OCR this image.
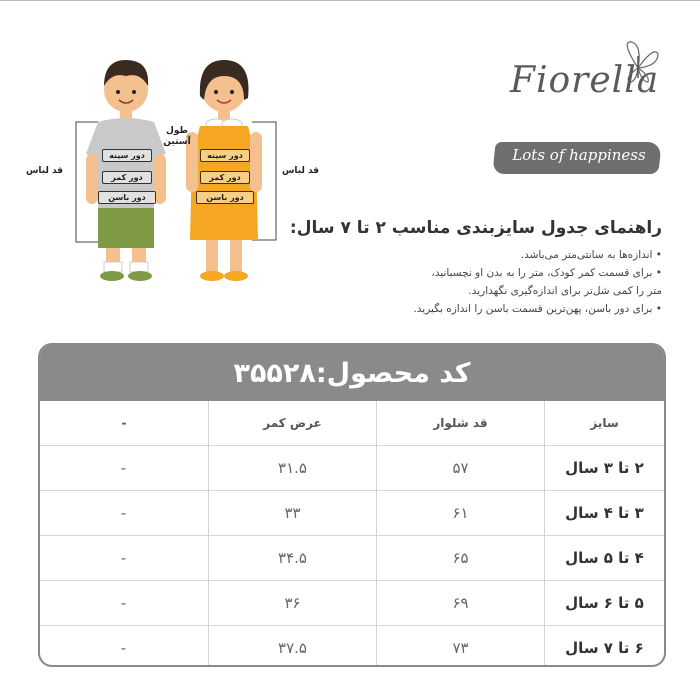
قد لباس
طول آستین
دور سینه
دور کمر
دور باسن
قد لباس
دور سینه
دور کمر
دور باسن
Fiorella
Lots of happiness
راهنمای جدول سایزبندی مناسب ۲ تا ۷ سال:
• اندازه‌ها به سانتی‌متر می‌باشد.
• برای قسمت کمر کودک، متر را به بدن او نچسبانید،
متر را کمی شل‌تر برای اندازه‌گیری نگهدارید.
• برای دور باسن، پهن‌ترین قسمت باسن را اندازه بگیرید.
کد محصول:۳۵۵۲۸
سایز
قد شلوار
عرض کمر
-
۲ تا ۳ سال
۵۷
۳۱.۵
-
۳ تا ۴ سال
۶۱
۳۳
-
۴ تا ۵ سال
۶۵
۳۴.۵
-
۵ تا ۶ سال
۶۹
۳۶
-
۶ تا ۷ سال
۷۳
۳۷.۵
-
